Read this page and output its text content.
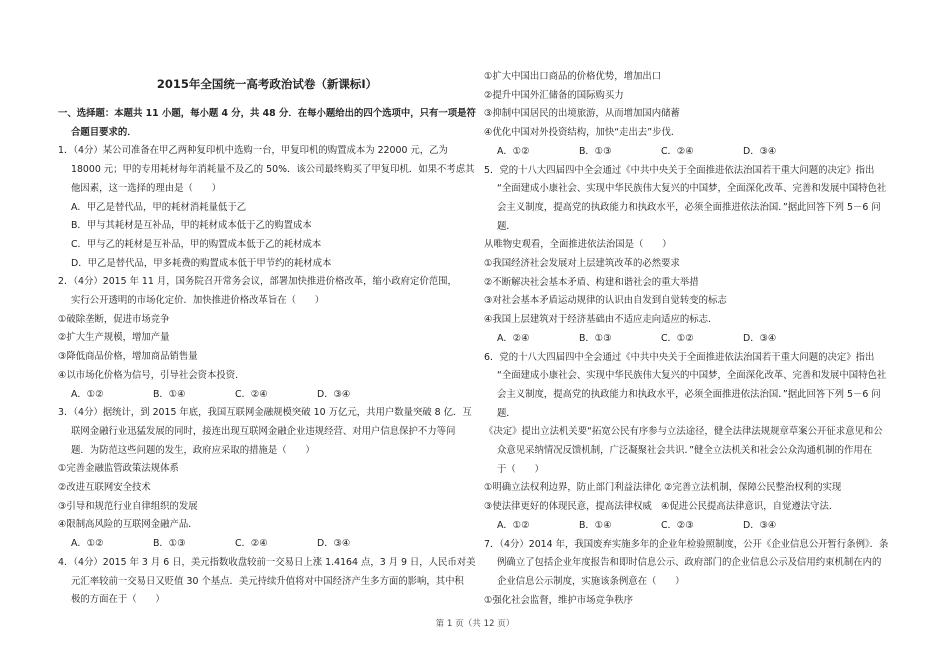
2015年全国统一高考政治试卷（新课标Ⅰ）
一、选择题：本题共 11 小题，每小题 4 分，共 48 分．在每小题给出的四个选项中，只有一项是符
合题目要求的．
1．（4分）某公司准备在甲乙两种复印机中选购一台，甲复印机的购置成本为 22000 元，乙为
18000 元；甲的专用耗材每年消耗量不及乙的 50%．该公司最终购买了甲复印机．如果不考虑其
他因素，这一选择的理由是（　　）
A．甲乙是替代品，甲的耗材消耗量低于乙
B．甲与其耗材是互补品，甲的耗材成本低于乙的购置成本
C．甲与乙的耗材是互补品，甲的购置成本低于乙的耗材成本
D．甲乙是替代品，甲多耗费的购置成本低于甲节约的耗材成本
2．（4分）2015 年 11 月，国务院召开常务会议，部署加快推进价格改革，缩小政府定价范围，
实行公开透明的市场化定价．加快推进价格改革旨在（　　）
①破除垄断，促进市场竞争
②扩大生产规模，增加产量
③降低商品价格，增加商品销售量
④以市场化价格为信号，引导社会资本投资．
A．①②	B．①④	C．②④	D．③④
3．（4分）据统计，到 2015 年底，我国互联网金融规模突破 10 万亿元，共用户数量突破 8 亿．互
联网金融行业迅猛发展的同时，接连出现互联网金融企业违规经营、对用户信息保护不力等问
题．为防范这些问题的发生，政府应采取的措施是（　　）
①完善金融监管政策法规体系
②改进互联网安全技术
③引导和规范行业自律组织的发展
④限制高风险的互联网金融产品．
A．①②	B．①③	C．②④	D．③④
4．（4分）2015 年 3 月 6 日，美元指数收盘较前一交易日上涨 1.4164 点，3 月 9 日，人民币对美
元汇率较前一交易日又贬值 30 个基点．美元持续升值将对中国经济产生多方面的影响，其中积
极的方面在于（　　）
①扩大中国出口商品的价格优势，增加出口
②提升中国外汇储备的国际购买力
③抑制中国居民的出境旅游，从而增加国内储蓄
④优化中国对外投资结构，加快“走出去”步伐．
A．①②	B．①③	C．②④	D．③④
5．党的十八大四届四中全会通过《中共中央关于全面推进依法治国若干重大问题的决定》指出
“全面建成小康社会、实现中华民族伟大复兴的中国梦，全面深化改革、完善和发展中国特色社
会主义制度，提高党的执政能力和执政水平，必须全面推进依法治国．”据此回答下列 5－6 问
题．
从唯物史观看，全面推进依法治国是（　　）
①我国经济社会发展对上层建筑改革的必然要求
②不断解决社会基本矛盾、构建和谐社会的重大举措
③对社会基本矛盾运动规律的认识由自发到自觉转变的标志
④我国上层建筑对于经济基础由不适应走向适应的标志．
A．②④	B．①③	C．①②	D．③④
6．党的十八大四届四中全会通过《中共中央关于全面推进依法治国若干重大问题的决定》指出
“全面建成小康社会、实现中华民族伟大复兴的中国梦，全面深化改革、完善和发展中国特色社
会主义制度，提高党的执政能力和执政水平，必须全面推进依法治国．”据此回答下列 5－6 问
题．
《决定》提出立法机关要“拓宽公民有序参与立法途径，健全法律法规规章草案公开征求意见和公
众意见采纳情况反馈机制，广泛凝聚社会共识．”健全立法机关和社会公众沟通机制的作用在
于（　　）
①明确立法权利边界，防止部门利益法律化 ②完善立法机制，保障公民整治权利的实现
③使法律更好的体现民意，提高法律权威　④促进公民提高法律意识，自觉遵法守法．
A．①②	B．①④	C．②③	D．③④
7．（4分）2014 年，我国废弃实施多年的企业年检验照制度，公开《企业信息公开暂行条例》．条
例确立了包括企业年度报告和即时信息公示、政府部门的企业信息公示及信用约束机制在内的
企业信息公示制度，实施该条例意在（　　）
①强化社会监督，维护市场竞争秩序
第 1 页（共 12 页）
